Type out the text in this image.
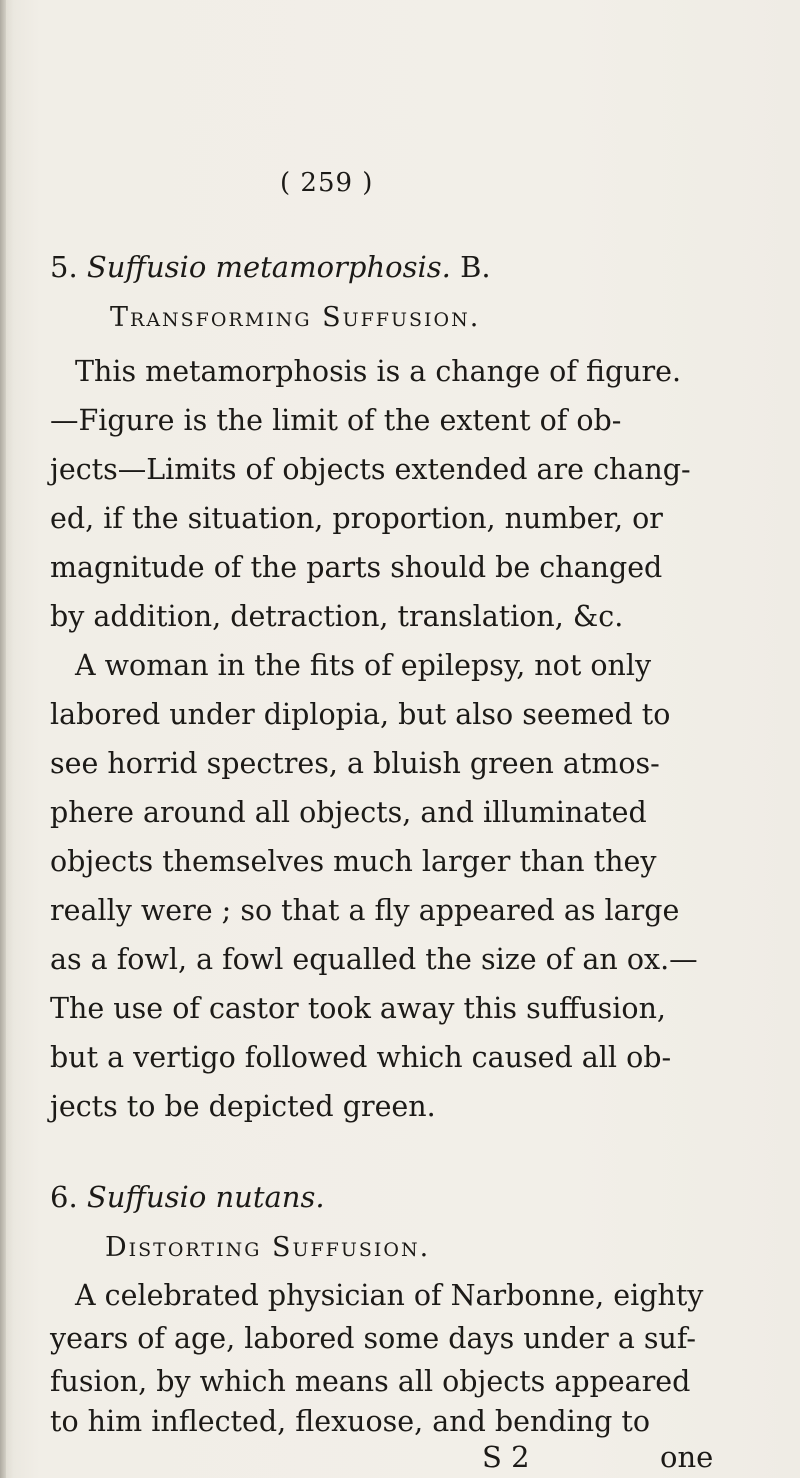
( 259 )
5. Suffusio metamorphosis. B.
Transforming Suffusion.
This metamorphosis is a change of figure.
—Figure is the limit of the extent of ob-
jects—Limits of objects extended are chang-
ed, if the situation, proportion, number, or
magnitude of the parts should be changed
by addition, detraction, translation, &c.
A woman in the fits of epilepsy, not only
labored under diplopia, but also seemed to
see horrid spectres, a bluish green atmos-
phere around all objects, and illuminated
objects themselves much larger than they
really were ; so that a fly appeared as large
as a fowl, a fowl equalled the size of an ox.—
The use of castor took away this suffusion,
but a vertigo followed which caused all ob-
jects to be depicted green.
6. Suffusio nutans.
Distorting Suffusion.
A celebrated physician of Narbonne, eighty
years of age, labored some days under a suf-
fusion, by which means all objects appeared
to him inflected, flexuose, and bending to
S 2	one
